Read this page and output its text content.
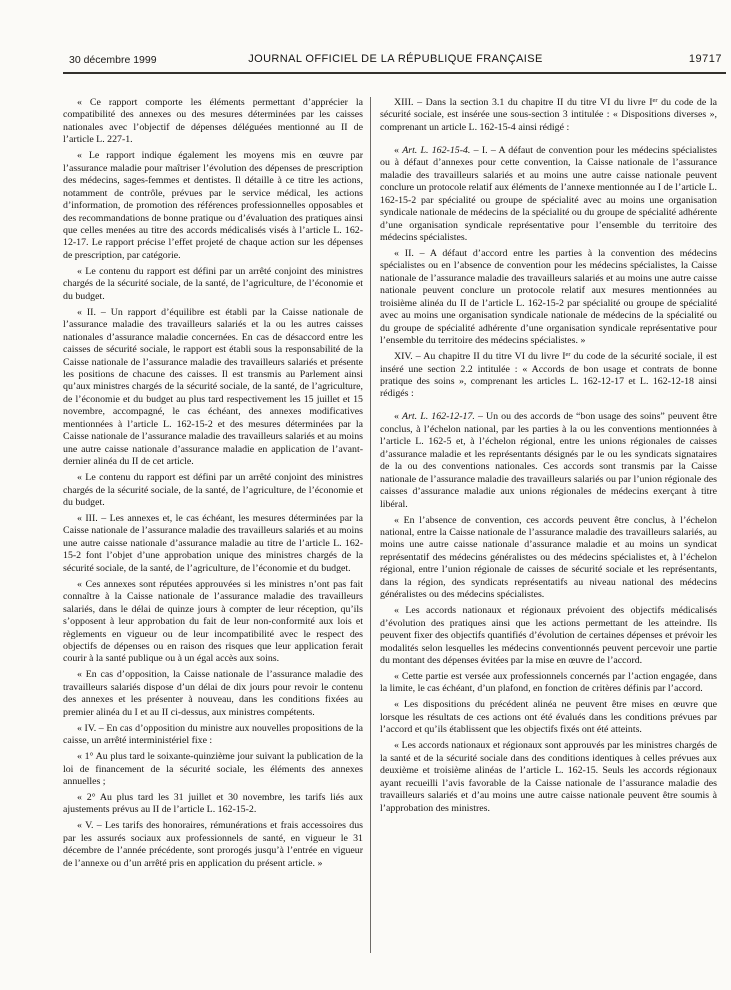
30 décembre 1999	JOURNAL OFFICIEL DE LA RÉPUBLIQUE FRANÇAISE	19717

« Ce rapport comporte les éléments permettant d’apprécier la compatibilité des annexes ou des mesures déterminées par les caisses nationales avec l’objectif de dépenses déléguées mentionné au II de l’article L. 227-1.

« Le rapport indique également les moyens mis en œuvre par l’assurance maladie pour maîtriser l’évolution des dépenses de prescription des médecins, sages-femmes et dentistes. Il détaille à ce titre les actions, notamment de contrôle, prévues par le service médical, les actions d’information, de promotion des références professionnelles opposables et des recommandations de bonne pratique ou d’évaluation des pratiques ainsi que celles menées au titre des accords médicalisés visés à l’article L. 162-12-17. Le rapport précise l’effet projeté de chaque action sur les dépenses de prescription, par catégorie.

« Le contenu du rapport est défini par un arrêté conjoint des ministres chargés de la sécurité sociale, de la santé, de l’agriculture, de l’économie et du budget.

« II. – Un rapport d’équilibre est établi par la Caisse nationale de l’assurance maladie des travailleurs salariés et la ou les autres caisses nationales d’assurance maladie concernées. En cas de désaccord entre les caisses de sécurité sociale, le rapport est établi sous la responsabilité de la Caisse nationale de l’assurance maladie des travailleurs salariés et présente les positions de chacune des caisses. Il est transmis au Parlement ainsi qu’aux ministres chargés de la sécurité sociale, de la santé, de l’agriculture, de l’économie et du budget au plus tard respectivement les 15 juillet et 15 novembre, accompagné, le cas échéant, des annexes modificatives mentionnées à l’article L. 162-15-2 et des mesures déterminées par la Caisse nationale de l’assurance maladie des travailleurs salariés et au moins une autre caisse nationale d’assurance maladie en application de l’avant-dernier alinéa du II de cet article.

« Le contenu du rapport est défini par un arrêté conjoint des ministres chargés de la sécurité sociale, de la santé, de l’agriculture, de l’économie et du budget.

« III. – Les annexes et, le cas échéant, les mesures déterminées par la Caisse nationale de l’assurance maladie des travailleurs salariés et au moins une autre caisse nationale d’assurance maladie au titre de l’article L. 162-15-2 font l’objet d’une approbation unique des ministres chargés de la sécurité sociale, de la santé, de l’agriculture, de l’économie et du budget.

« Ces annexes sont réputées approuvées si les ministres n’ont pas fait connaître à la Caisse nationale de l’assurance maladie des travailleurs salariés, dans le délai de quinze jours à compter de leur réception, qu’ils s’opposent à leur approbation du fait de leur non-conformité aux lois et règlements en vigueur ou de leur incompatibilité avec le respect des objectifs de dépenses ou en raison des risques que leur application ferait courir à la santé publique ou à un égal accès aux soins.

« En cas d’opposition, la Caisse nationale de l’assurance maladie des travailleurs salariés dispose d’un délai de dix jours pour revoir le contenu des annexes et les présenter à nouveau, dans les conditions fixées au premier alinéa du I et au II ci-dessus, aux ministres compétents.

« IV. – En cas d’opposition du ministre aux nouvelles propositions de la caisse, un arrêté interministériel fixe :

« 1° Au plus tard le soixante-quinzième jour suivant la publication de la loi de financement de la sécurité sociale, les éléments des annexes annuelles ;

« 2° Au plus tard les 31 juillet et 30 novembre, les tarifs liés aux ajustements prévus au II de l’article L. 162-15-2.

« V. – Les tarifs des honoraires, rémunérations et frais accessoires dus par les assurés sociaux aux professionnels de santé, en vigueur le 31 décembre de l’année précédente, sont prorogés jusqu’à l’entrée en vigueur de l’annexe ou d’un arrêté pris en application du présent article. »

XIII. – Dans la section 3.1 du chapitre II du titre VI du livre Ier du code de la sécurité sociale, est insérée une sous-section 3 intitulée : « Dispositions diverses », comprenant un article L. 162-15-4 ainsi rédigé :

« Art. L. 162-15-4. – I. – A défaut de convention pour les médecins spécialistes ou à défaut d’annexes pour cette convention, la Caisse nationale de l’assurance maladie des travailleurs salariés et au moins une autre caisse nationale peuvent conclure un protocole relatif aux éléments de l’annexe mentionnée au I de l’article L. 162-15-2 par spécialité ou groupe de spécialité avec au moins une organisation syndicale nationale de médecins de la spécialité ou du groupe de spécialité adhérente d’une organisation syndicale représentative pour l’ensemble du territoire des médecins spécialistes.

« II. – A défaut d’accord entre les parties à la convention des médecins spécialistes ou en l’absence de convention pour les médecins spécialistes, la Caisse nationale de l’assurance maladie des travailleurs salariés et au moins une autre caisse nationale peuvent conclure un protocole relatif aux mesures mentionnées au troisième alinéa du II de l’article L. 162-15-2 par spécialité ou groupe de spécialité avec au moins une organisation syndicale nationale de médecins de la spécialité ou du groupe de spécialité adhérente d’une organisation syndicale représentative pour l’ensemble du territoire des médecins spécialistes. »

XIV. – Au chapitre II du titre VI du livre Ier du code de la sécurité sociale, il est inséré une section 2.2 intitulée : « Accords de bon usage et contrats de bonne pratique des soins », comprenant les articles L. 162-12-17 et L. 162-12-18 ainsi rédigés :

« Art. L. 162-12-17. – Un ou des accords de “bon usage des soins” peuvent être conclus, à l’échelon national, par les parties à la ou les conventions mentionnées à l’article L. 162-5 et, à l’échelon régional, entre les unions régionales de caisses d’assurance maladie et les représentants désignés par le ou les syndicats signataires de la ou des conventions nationales. Ces accords sont transmis par la Caisse nationale de l’assurance maladie des travailleurs salariés ou par l’union régionale des caisses d’assurance maladie aux unions régionales de médecins exerçant à titre libéral.

« En l’absence de convention, ces accords peuvent être conclus, à l’échelon national, entre la Caisse nationale de l’assurance maladie des travailleurs salariés, au moins une autre caisse nationale d’assurance maladie et au moins un syndicat représentatif des médecins généralistes ou des médecins spécialistes et, à l’échelon régional, entre l’union régionale de caisses de sécurité sociale et les représentants, dans la région, des syndicats représentatifs au niveau national des médecins généralistes ou des médecins spécialistes.

« Les accords nationaux et régionaux prévoient des objectifs médicalisés d’évolution des pratiques ainsi que les actions permettant de les atteindre. Ils peuvent fixer des objectifs quantifiés d’évolution de certaines dépenses et prévoir les modalités selon lesquelles les médecins conventionnés peuvent percevoir une partie du montant des dépenses évitées par la mise en œuvre de l’accord.

« Cette partie est versée aux professionnels concernés par l’action engagée, dans la limite, le cas échéant, d’un plafond, en fonction de critères définis par l’accord.

« Les dispositions du précédent alinéa ne peuvent être mises en œuvre que lorsque les résultats de ces actions ont été évalués dans les conditions prévues par l’accord et qu’ils établissent que les objectifs fixés ont été atteints.

« Les accords nationaux et régionaux sont approuvés par les ministres chargés de la santé et de la sécurité sociale dans des conditions identiques à celles prévues aux deuxième et troisième alinéas de l’article L. 162-15. Seuls les accords régionaux ayant recueilli l’avis favorable de la Caisse nationale de l’assurance maladie des travailleurs salariés et d’au moins une autre caisse nationale peuvent être soumis à l’approbation des ministres.
